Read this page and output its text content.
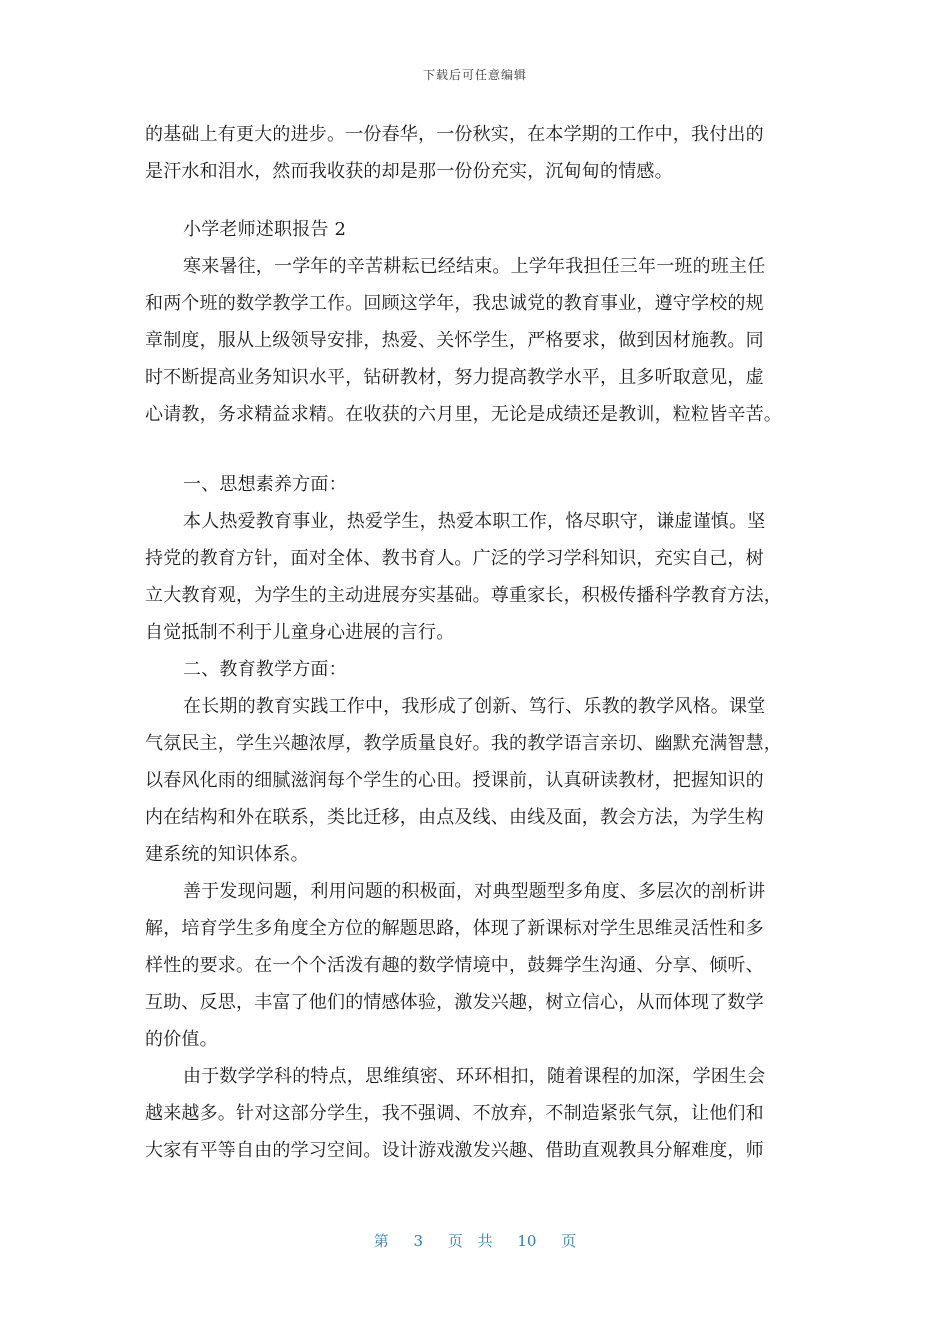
下载后可任意编辑
的基础上有更大的进步。一份春华，一份秋实，在本学期的工作中，我付出的
是汗水和泪水，然而我收获的却是那一份份充实，沉甸甸的情感。
小学老师述职报告 2
寒来暑往，一学年的辛苦耕耘已经结束。上学年我担任三年一班的班主任
和两个班的数学教学工作。回顾这学年，我忠诚党的教育事业，遵守学校的规
章制度，服从上级领导安排，热爱、关怀学生，严格要求，做到因材施教。同
时不断提高业务知识水平，钻研教材，努力提高教学水平，且多听取意见，虚
心请教，务求精益求精。在收获的六月里，无论是成绩还是教训，粒粒皆辛苦。
一、思想素养方面：
本人热爱教育事业，热爱学生，热爱本职工作，恪尽职守，谦虚谨慎。坚
持党的教育方针，面对全体、教书育人。广泛的学习学科知识，充实自己，树
立大教育观，为学生的主动进展夯实基础。尊重家长，积极传播科学教育方法，
自觉抵制不利于儿童身心进展的言行。
二、教育教学方面：
在长期的教育实践工作中，我形成了创新、笃行、乐教的教学风格。课堂
气氛民主，学生兴趣浓厚，教学质量良好。我的教学语言亲切、幽默充满智慧，
以春风化雨的细腻滋润每个学生的心田。授课前，认真研读教材，把握知识的
内在结构和外在联系，类比迁移，由点及线、由线及面，教会方法，为学生构
建系统的知识体系。
善于发现问题，利用问题的积极面，对典型题型多角度、多层次的剖析讲
解，培育学生多角度全方位的解题思路，体现了新课标对学生思维灵活性和多
样性的要求。在一个个活泼有趣的数学情境中，鼓舞学生沟通、分享、倾听、
互助、反思，丰富了他们的情感体验，激发兴趣，树立信心，从而体现了数学
的价值。
由于数学学科的特点，思维缜密、环环相扣，随着课程的加深，学困生会
越来越多。针对这部分学生，我不强调、不放弃，不制造紧张气氛，让他们和
大家有平等自由的学习空间。设计游戏激发兴趣、借助直观教具分解难度，师
第 3 页 共 10 页
